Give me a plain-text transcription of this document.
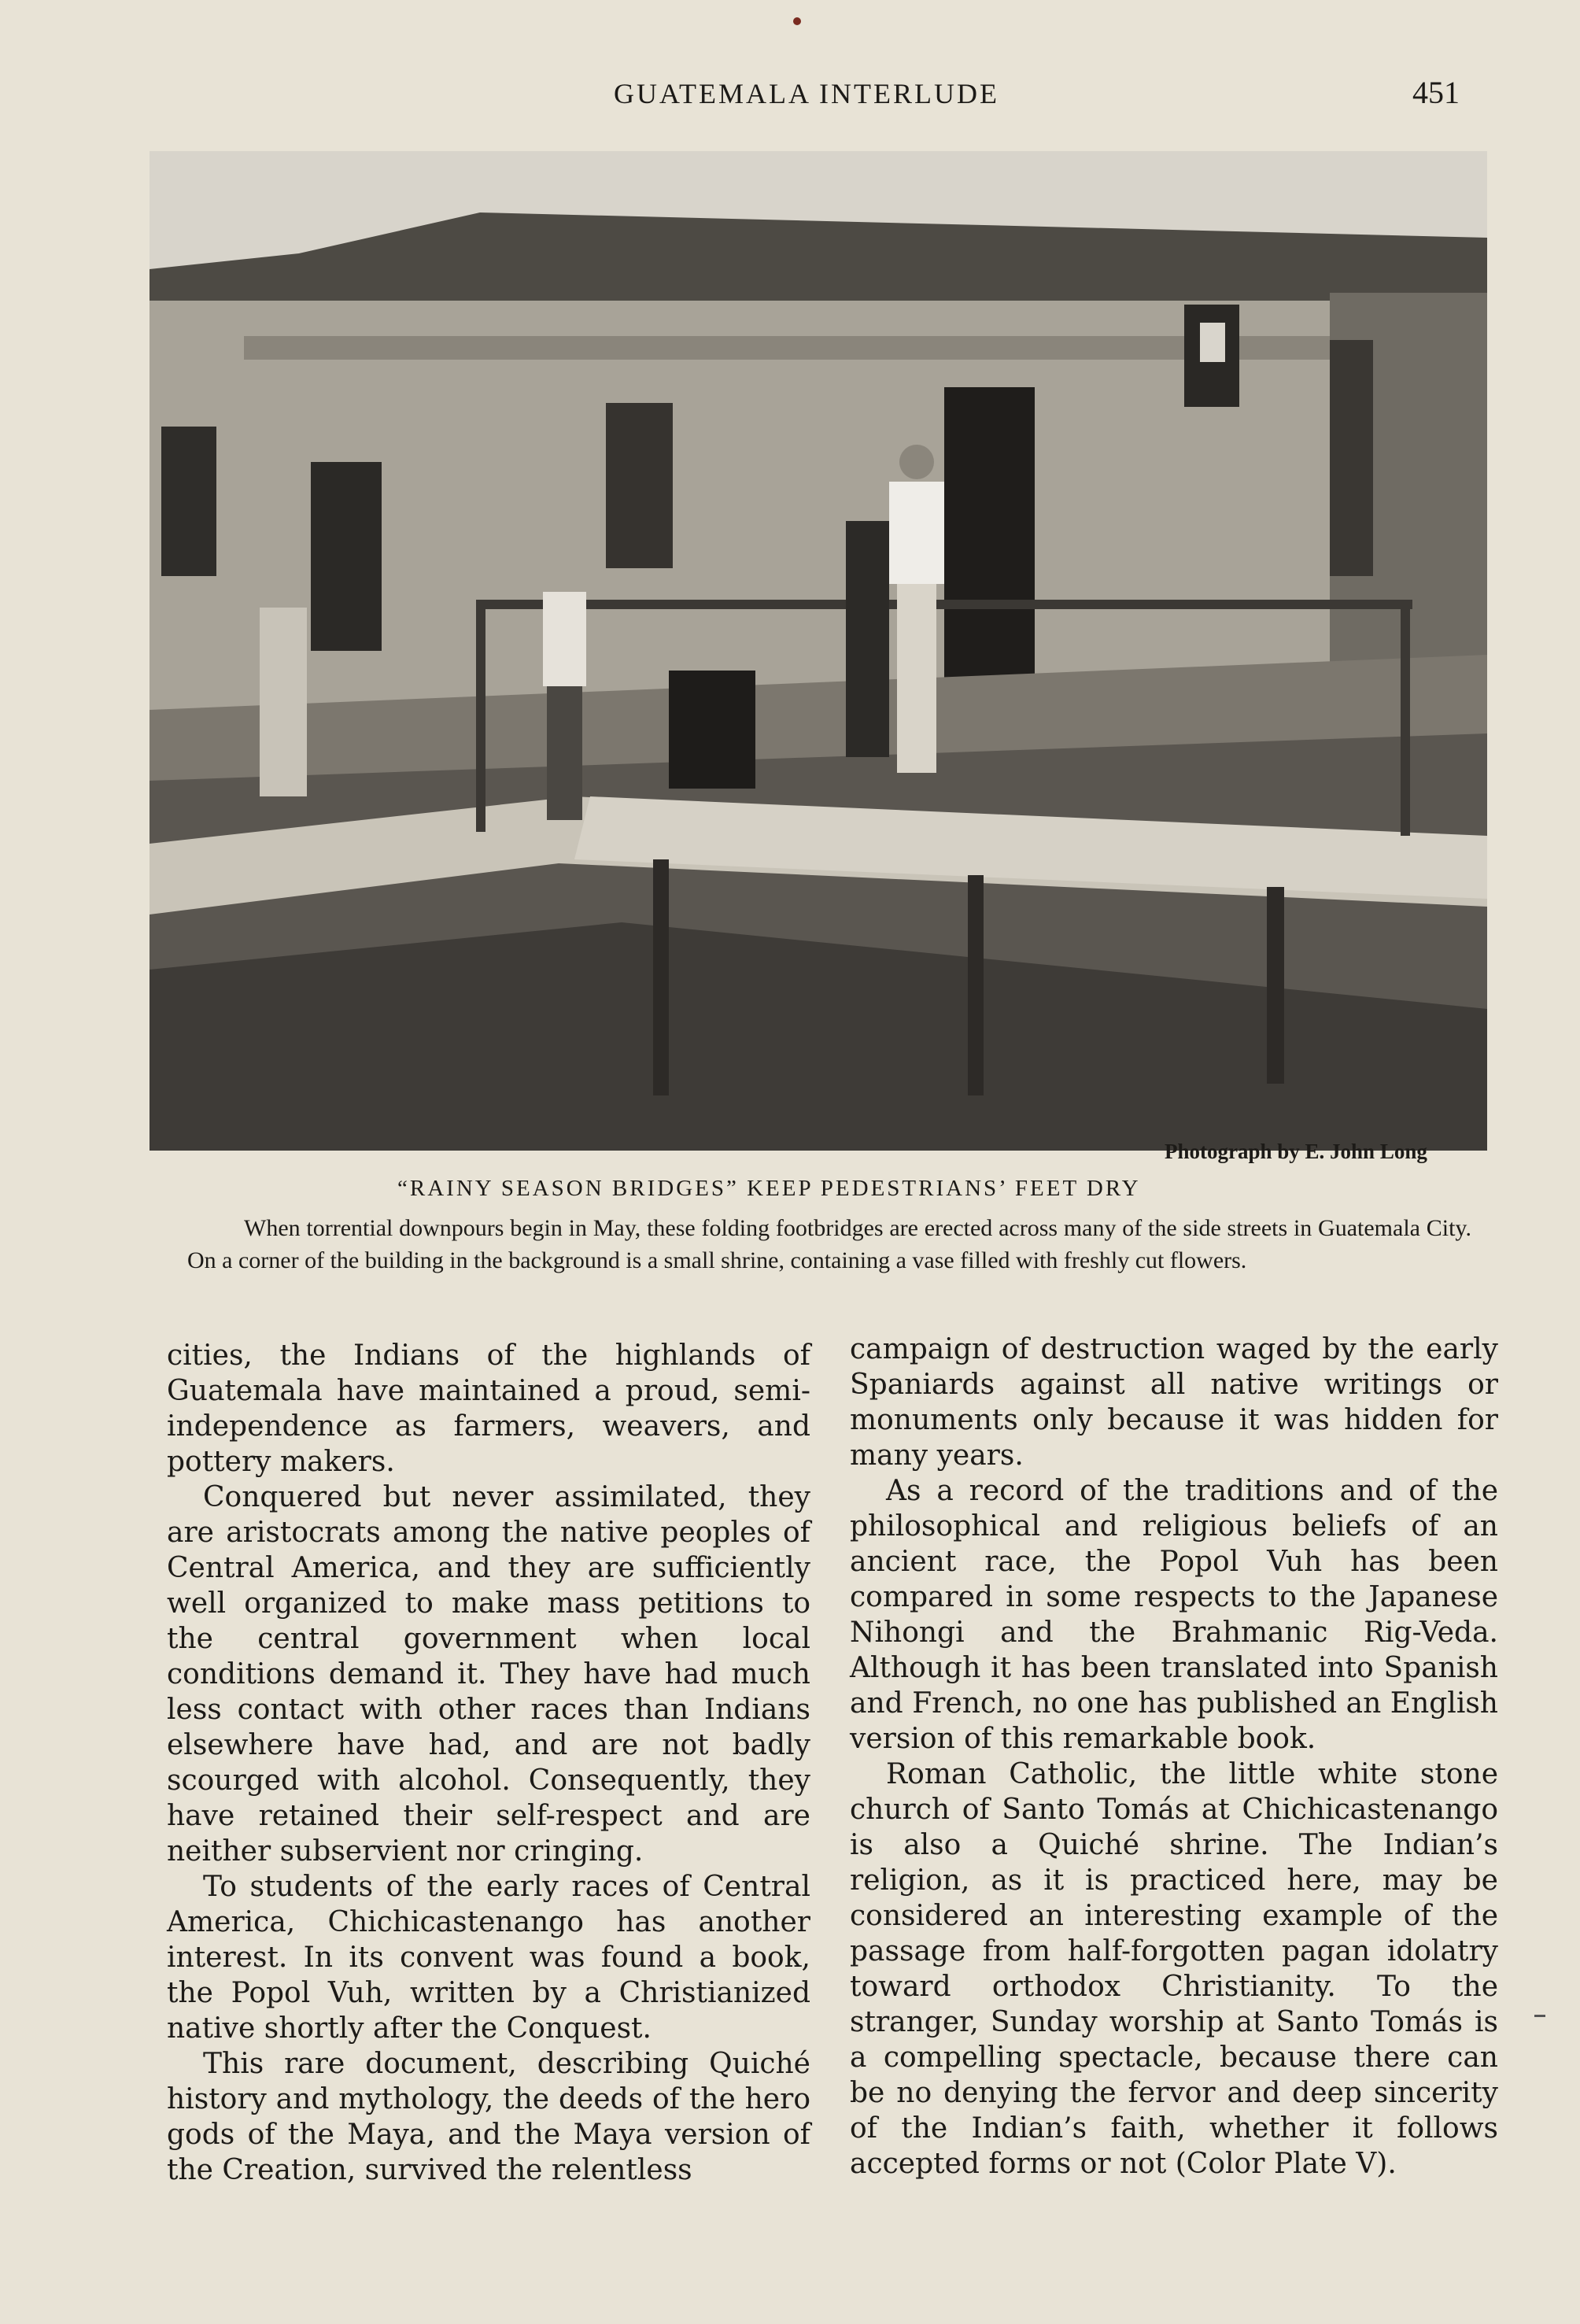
GUATEMALA INTERLUDE	451
Photograph by E. John Long
“RAINY SEASON BRIDGES” KEEP PEDESTRIANS’ FEET DRY
When torrential downpours begin in May, these folding footbridges are erected across many of the side streets in Guatemala City. On a corner of the building in the background is a small shrine, containing a vase filled with freshly cut flowers.

cities, the Indians of the highlands of Guatemala have maintained a proud, semi-independence as farmers, weavers, and pottery makers.

Conquered but never assimilated, they are aristocrats among the native peoples of Central America, and they are sufficiently well organized to make mass petitions to the central government when local conditions demand it. They have had much less contact with other races than Indians elsewhere have had, and are not badly scourged with alcohol. Consequently, they have retained their self-respect and are neither subservient nor cringing.

To students of the early races of Central America, Chichicastenango has another interest. In its convent was found a book, the Popol Vuh, written by a Christianized native shortly after the Conquest.

This rare document, describing Quiché history and mythology, the deeds of the hero gods of the Maya, and the Maya version of the Creation, survived the relentless

campaign of destruction waged by the early Spaniards against all native writings or monuments only because it was hidden for many years.

As a record of the traditions and of the philosophical and religious beliefs of an ancient race, the Popol Vuh has been compared in some respects to the Japanese Nihongi and the Brahmanic Rig-Veda. Although it has been translated into Spanish and French, no one has published an English version of this remarkable book.

Roman Catholic, the little white stone church of Santo Tomás at Chichicastenango is also a Quiché shrine. The Indian’s religion, as it is practiced here, may be considered an interesting example of the passage from half-forgotten pagan idolatry toward orthodox Christianity. To the stranger, Sunday worship at Santo Tomás is a compelling spectacle, because there can be no denying the fervor and deep sincerity of the Indian’s faith, whether it follows accepted forms or not (Color Plate V).
